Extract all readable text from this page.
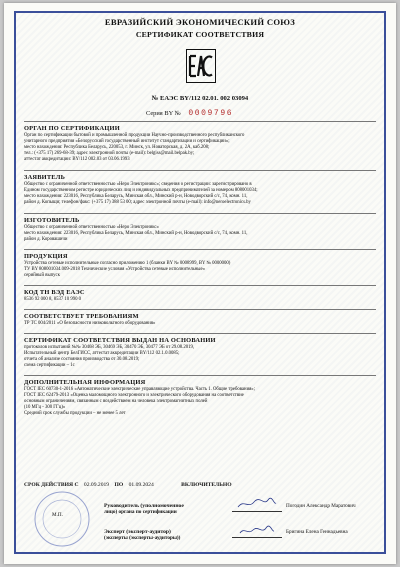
ЕВРАЗИЙСКИЙ ЭКОНОМИЧЕСКИЙ СОЮЗ
СЕРТИФИКАТ СООТВЕТСТВИЯ
№ ЕАЭС BY/112 02.01. 002 03094
Серия BY № 0009796
ОРГАН ПО СЕРТИФИКАЦИИ

Орган по сертификации бытовой и промышленной продукции Научно-производственного республиканского

унитарного предприятия «Белорусский государственный институт стандартизации и сертификации»;

место нахождения: Республика Беларусь, 220053, г. Минск, ул. Новаторская, д. 2А, каб.208;

тел.: (+375 17) 269-68-39; адрес электронной почты (e-mail): belgiss@mail.belpak.by;

аттестат аккредитации: BY/112 002.03 от 03.06.1993

ЗАЯВИТЕЛЬ

Общество с ограниченной ответственностью «Неро Электроникс»; сведения о регистрации: зарегистрировано в

Едином государственном регистре юридических лиц и индивидуальных предпринимателей за номером 808001034;

место нахождения: 223016, Республика Беларусь, Минская обл., Минский р-н, Новодворский с/с, 74, комн. 11,

район д. Копыщи; телефон/факс: (+375 17) 388 53 00; адрес электронной почты (e-mail): info@neroelectronics.by

ИЗГОТОВИТЕЛЬ

Общество с ограниченной ответственностью «Неро Электроникс»

место нахождения: 223016, Республика Беларусь, Минская обл., Минский р-н, Новодворский с/с, 74, комн. 11,

район д. Коровашичи

ПРОДУКЦИЯ

Устройства сетевые исполнительные согласно приложению 1 (бланки BY № 0008999, BY № 0000000)

ТУ BY 808001034.009-2018 Технические условия «Устройства сетевые исполнительные»

серийный выпуск

КОД ТН ВЭД ЕАЭС

8536 92 000 8, 8537 10 990 0

СООТВЕТСТВУЕТ ТРЕБОВАНИЯМ

ТР ТС 004/2011 «О безопасности низковольтного оборудования»

СЕРТИФИКАТ СООТВЕТСТВИЯ ВЫДАН НА ОСНОВАНИИ

протоколов испытаний №№ 30468 ЭБ, 30469 ЭБ, 30470 ЭБ, 30477 ЭБ от 29.08.2019,

Испытательный центр БелГИСС, аттестат аккредитации BY/112 02.1.0.0085;

отчета об анализе состояния производства от 30.08.2019;

схема сертификации – 1с

ДОПОЛНИТЕЛЬНАЯ ИНФОРМАЦИЯ

ГОСТ IEC 60730-1-2016 «Автоматические электрические управляющие устройства. Часть 1. Общие требования»;

ГОСТ IEC 62479-2013 «Оценка маломощного электронного и электрического оборудования на соответствие

основным ограничениям, связанным с воздействием на человека электромагнитных полей

(10 МГц - 300 ГГц)»

Средний срок службы продукции – не менее 5 лет

СРОК ДЕЙСТВИЯ С 02.09.2019 ПО 01.09.2024	ВКЛЮЧИТЕЛЬНО
М.П.
Руководитель (уполномоченное
лицо) органа по сертификации
Погодин Александр Маратович
Эксперт (эксперт-аудитор)
(эксперты (эксперты-аудиторы))
Бригина Елена Геннадьевна
